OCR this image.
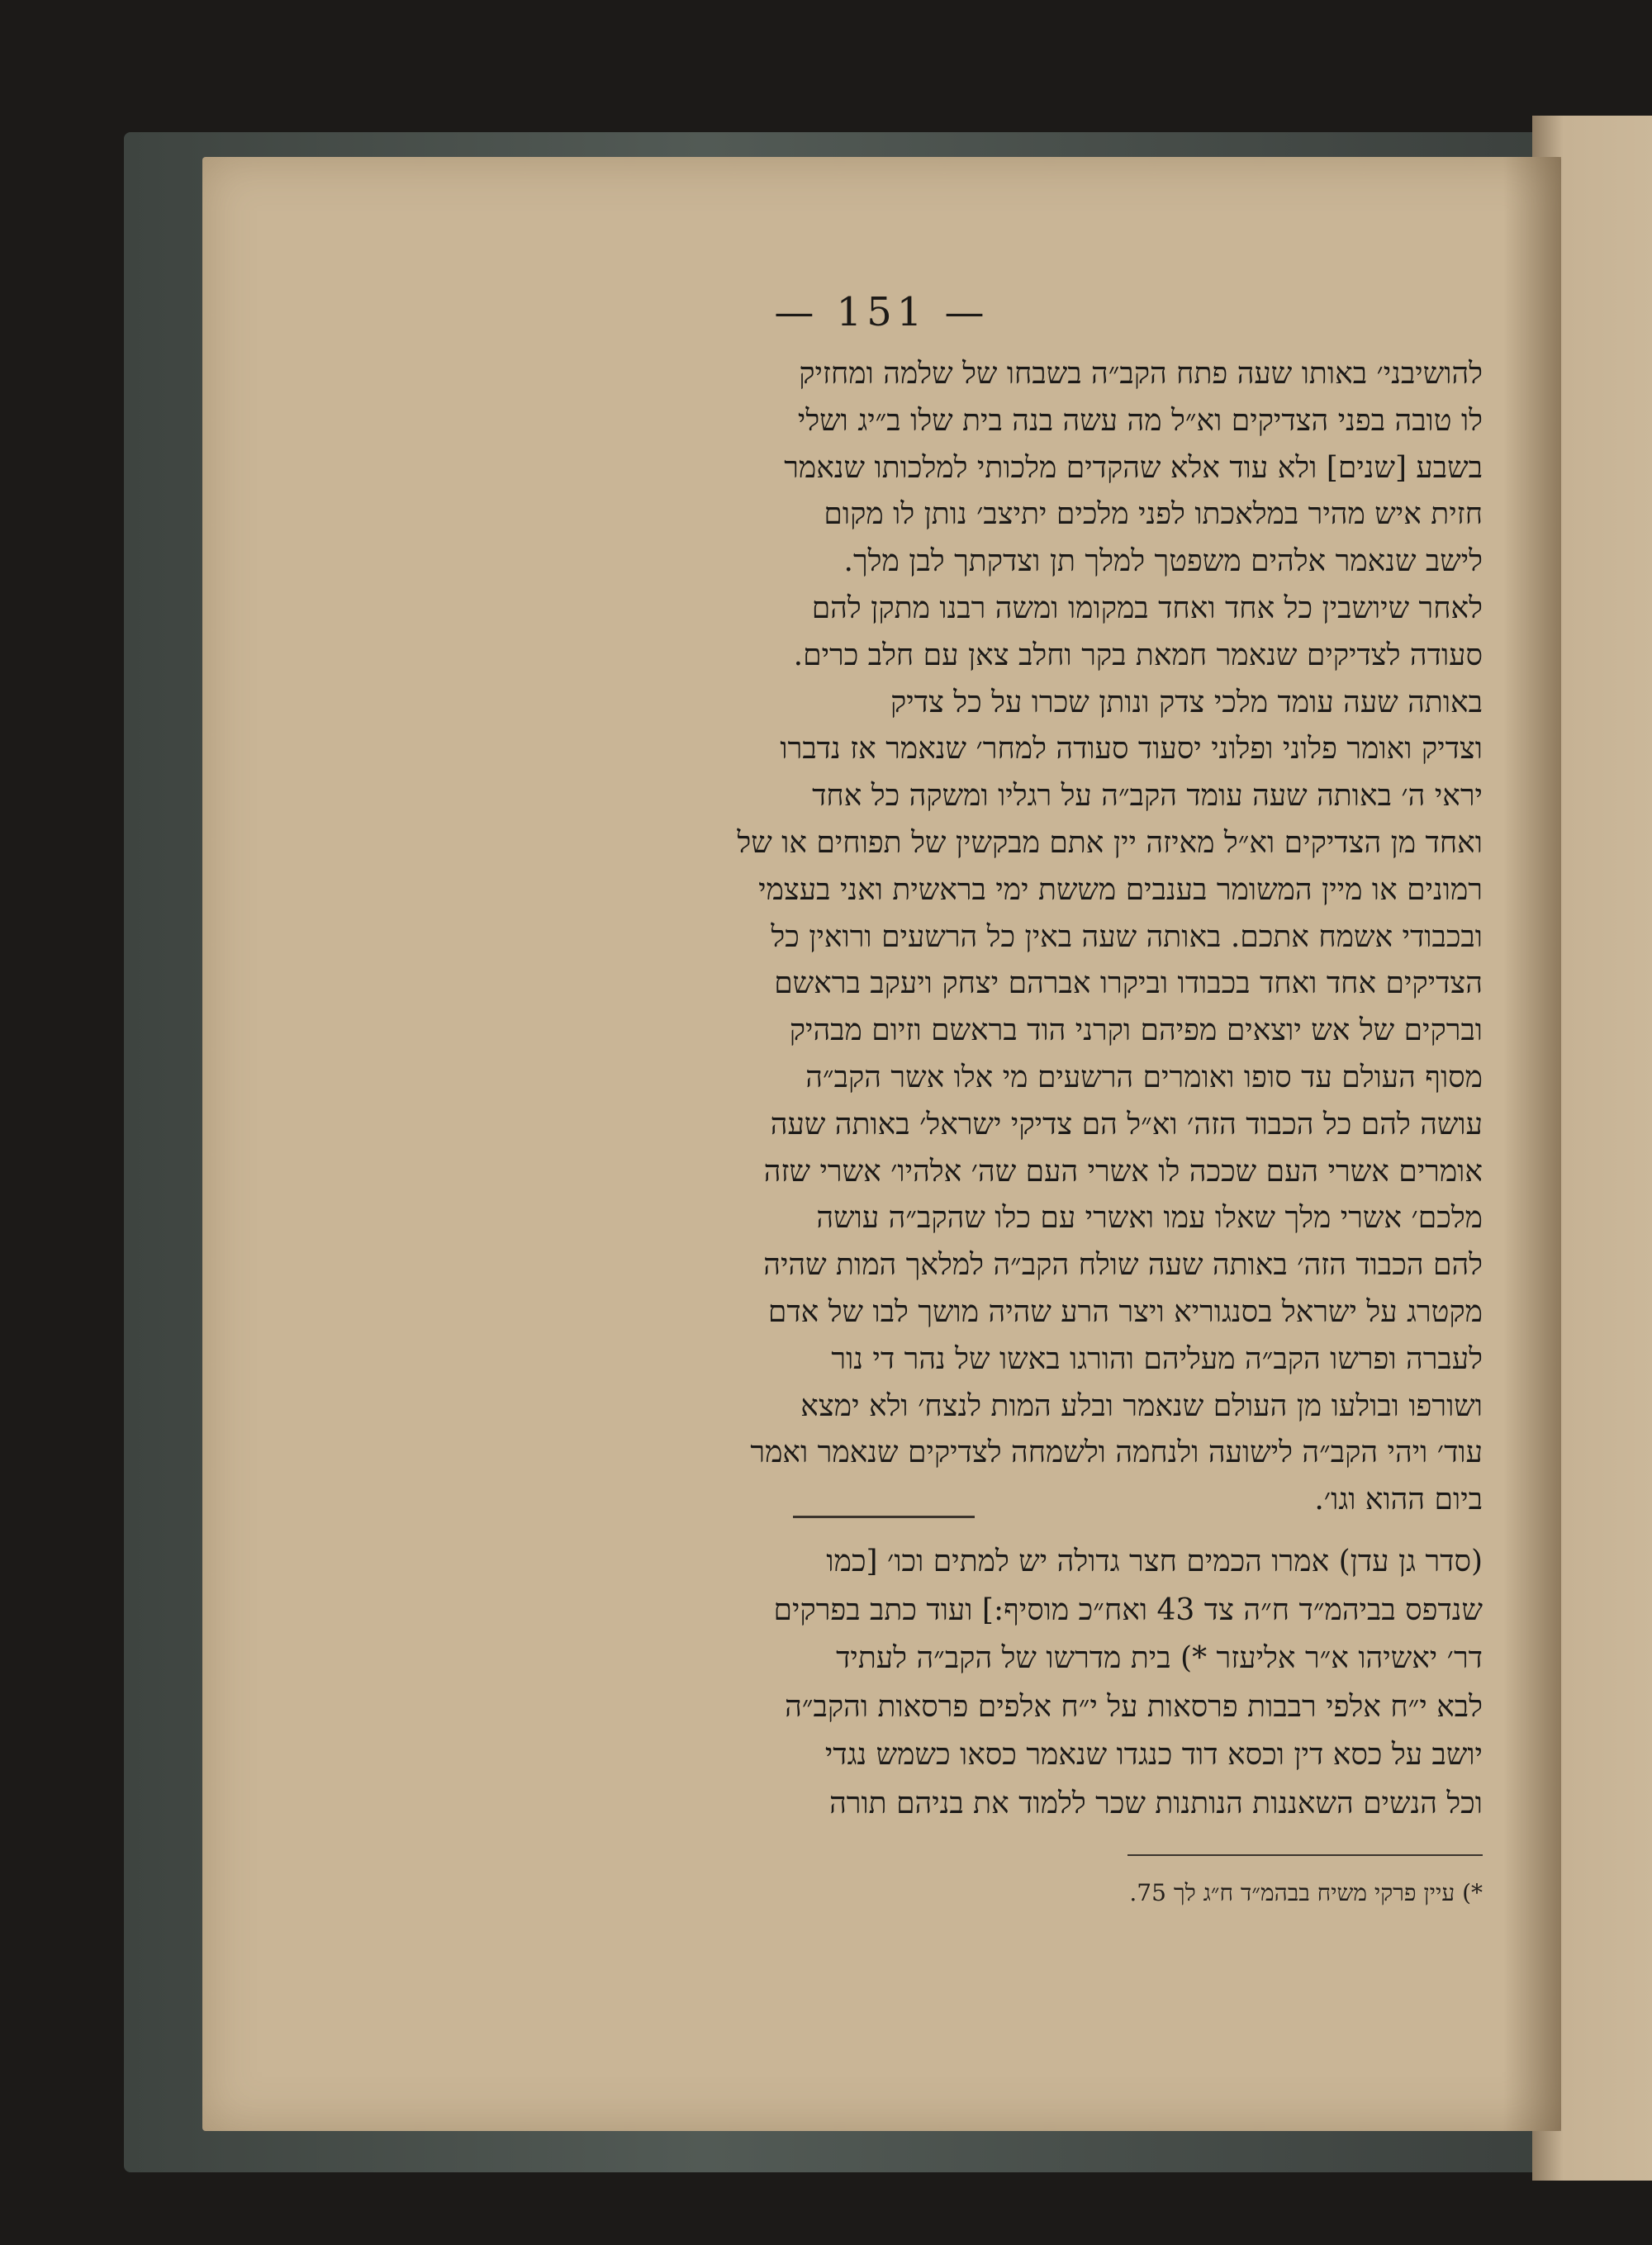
— 151 —
להושיבני׳ באותו שעה פתח הקב״ה בשבחו של שלמה ומחזיק
לו טובה בפני הצדיקים וא״ל מה עשה בנה בית שלו ב״יג ושלי
בשבע [שנים] ולא עוד אלא שהקדים מלכותי למלכותו שנאמר
חזית איש מהיר במלאכתו לפני מלכים יתיצב׳ נותן לו מקום
לישב שנאמר אלהים משפטך למלך תן וצדקתך לבן מלך.
לאחר שיושבין כל אחד ואחד במקומו ומשה רבנו מתקן להם
סעודה לצדיקים שנאמר חמאת בקר וחלב צאן עם חלב כרים.
באותה שעה עומד מלכי צדק ונותן שכרו על כל צדיק
וצדיק ואומר פלוני ופלוני יסעוד סעודה למחר׳ שנאמר אז נדברו
יראי ה׳ באותה שעה עומד הקב״ה על רגליו ומשקה כל אחד
ואחד מן הצדיקים וא״ל מאיזה יין אתם מבקשין של תפוחים או של
רמונים או מיין המשומר בענבים מששת ימי בראשית ואני בעצמי
ובכבודי אשמח אתכם. באותה שעה באין כל הרשעים ורואין כל
הצדיקים אחד ואחד בכבודו וביקרו אברהם יצחק ויעקב בראשם
וברקים של אש יוצאים מפיהם וקרני הוד בראשם וזיום מבהיק
מסוף העולם עד סופו ואומרים הרשעים מי אלו אשר הקב״ה
עושה להם כל הכבוד הזה׳ וא״ל הם צדיקי ישראל׳ באותה שעה
אומרים אשרי העם שככה לו אשרי העם שה׳ אלהיו׳ אשרי שזה
מלכם׳ אשרי מלך שאלו עמו ואשרי עם כלו שהקב״ה עושה
להם הכבוד הזה׳ באותה שעה שולח הקב״ה למלאך המות שהיה
מקטרג על ישראל בסנגוריא ויצר הרע שהיה מושך לבו של אדם
לעברה ופרשו הקב״ה מעליהם והורגו באשו של נהר די נור
ושורפו ובולעו מן העולם שנאמר ובלע המות לנצח׳ ולא ימצא
עוד׳ ויהי הקב״ה לישועה ולנחמה ולשמחה לצדיקים שנאמר ואמר
ביום ההוא וגו׳.
(סדר גן עדן) אמרו הכמים חצר גדולה יש למתים וכו׳ [כמו
שנדפס בביהמ״ד ח״ה צד 43 ואח״כ מוסיף:] ועוד כתב בפרקים
דר׳ יאשיהו א״ר אליעזר *) בית מדרשו של הקב״ה לעתיד
לבא י״ח אלפי רבבות פרסאות על י״ח אלפים פרסאות והקב״ה
יושב על כסא דין וכסא דוד כנגדו שנאמר כסאו כשמש נגדי
וכל הנשים השאננות הנותנות שכר ללמוד את בניהם תורה
*) עיין פרקי משיח בבהמ״ד ח״ג לך 75.
